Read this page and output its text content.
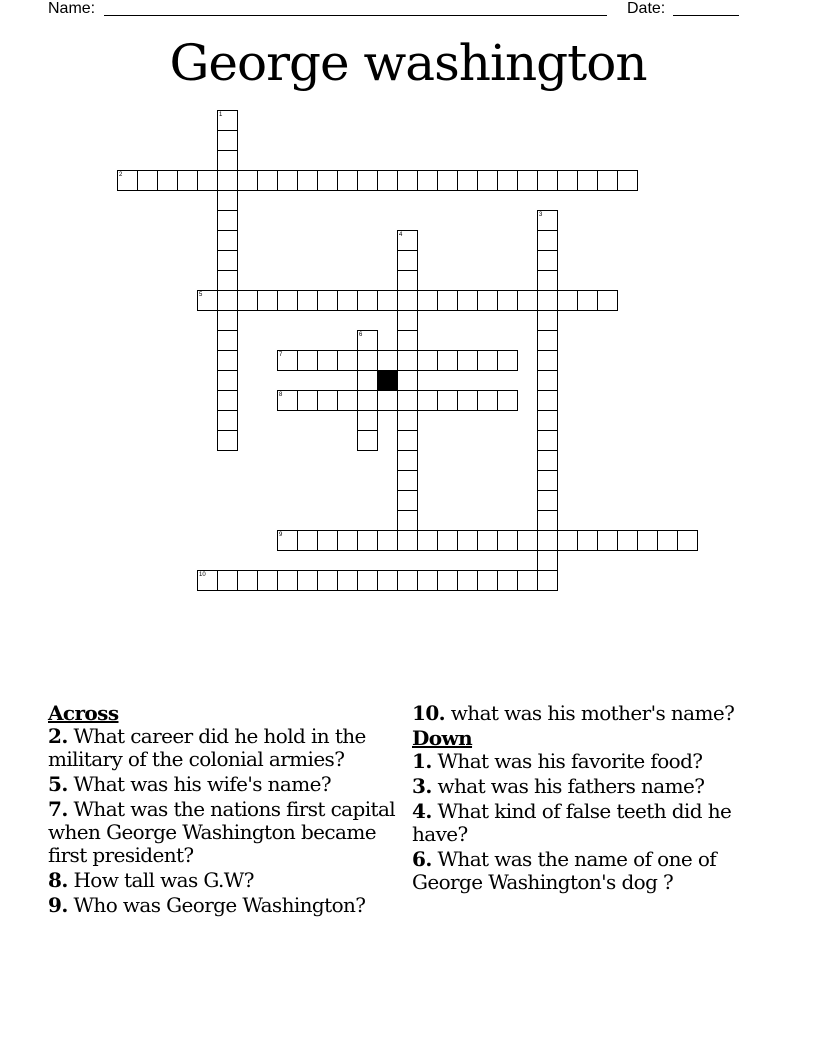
Name:	Date:
George washington
1
2
3
4
5
6
7
8
9
10
Across
2. What career did he hold in the military of the colonial armies?
5. What was his wife's name?
7. What was the nations first capital when George Washington became first president?
8. How tall was G.W?
9. Who was George Washington?
10. what was his mother's name?
Down
1. What was his favorite food?
3. what was his fathers name?
4. What kind of false teeth did he have?
6. What was the name of one of George Washington's dog ?
